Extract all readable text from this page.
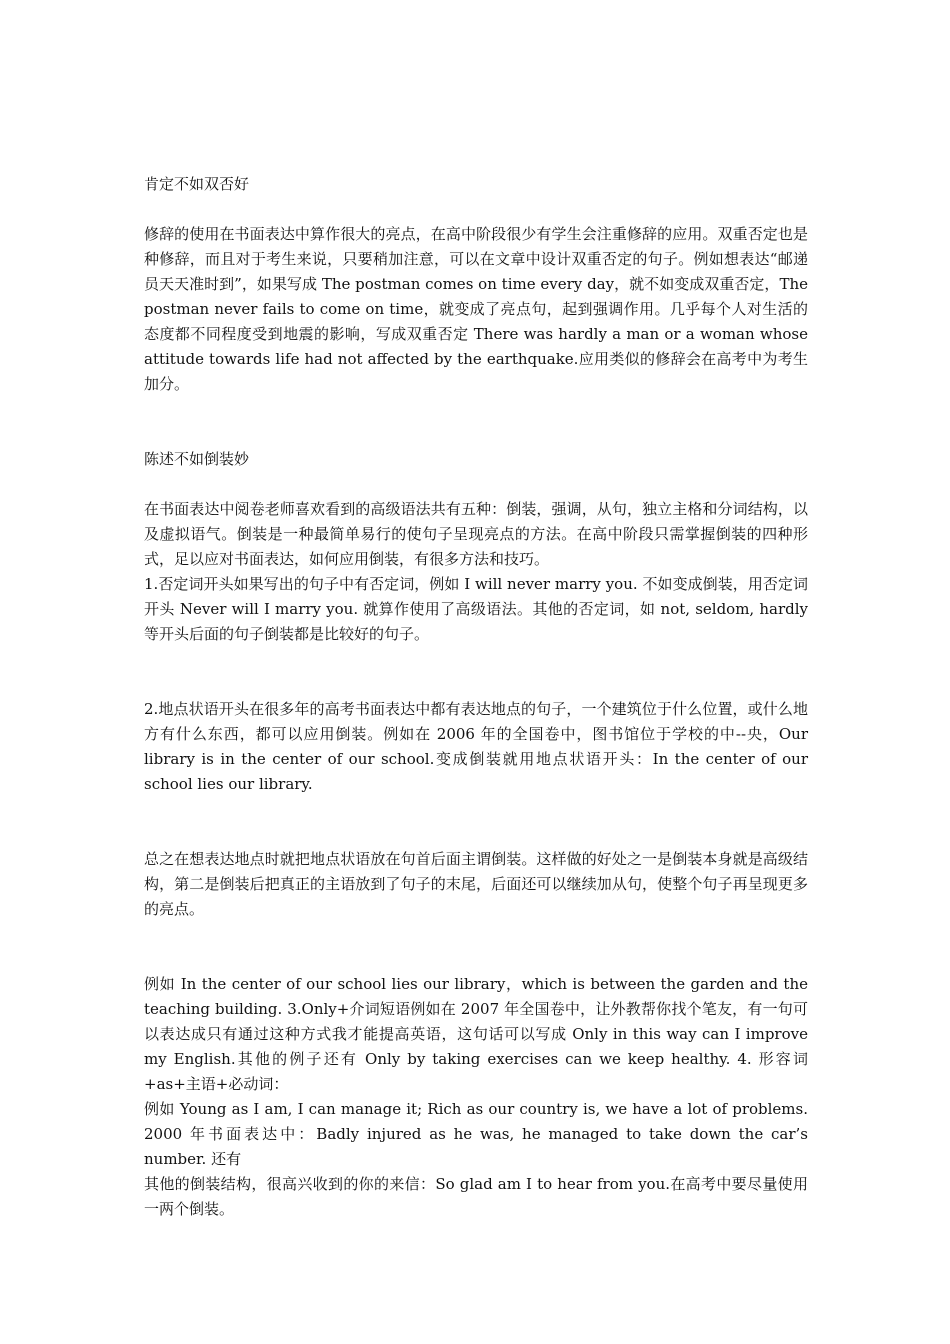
肯定不如双否好

修辞的使用在书面表达中算作很大的亮点，在高中阶段很少有学生会注重修辞的应用。双重否定也是种修辞，而且对于考生来说，只要稍加注意，可以在文章中设计双重否定的句子。例如想表达“邮递员天天准时到”，如果写成 The postman comes on time every day，就不如变成双重否定，The postman never fails to come on time，就变成了亮点句，起到强调作用。几乎每个人对生活的态度都不同程度受到地震的影响，写成双重否定 There was hardly a man or a woman whose attitude towards life had not affected by the earthquake.应用类似的修辞会在高考中为考生加分。

陈述不如倒装妙

在书面表达中阅卷老师喜欢看到的高级语法共有五种：倒装，强调，从句，独立主格和分词结构，以及虚拟语气。倒装是一种最简单易行的使句子呈现亮点的方法。在高中阶段只需掌握倒装的四种形式，足以应对书面表达，如何应用倒装，有很多方法和技巧。

1.否定词开头如果写出的句子中有否定词，例如 I will never marry you. 不如变成倒装，用否定词开头 Never will I marry you. 就算作使用了高级语法。其他的否定词，如 not, seldom, hardly 等开头后面的句子倒装都是比较好的句子。

2.地点状语开头在很多年的高考书面表达中都有表达地点的句子，一个建筑位于什么位置，或什么地方有什么东西，都可以应用倒装。例如在 2006 年的全国卷中，图书馆位于学校的中--央，Our library is in the center of our school.变成倒装就用地点状语开头：In the center of our school lies our library.

总之在想表达地点时就把地点状语放在句首后面主谓倒装。这样做的好处之一是倒装本身就是高级结构，第二是倒装后把真正的主语放到了句子的末尾，后面还可以继续加从句，使整个句子再呈现更多的亮点。

例如 In the center of our school lies our library，which is between the garden and the teaching building. 3.Only+介词短语例如在 2007 年全国卷中，让外教帮你找个笔友，有一句可以表达成只有通过这种方式我才能提高英语，这句话可以写成 Only in this way can I improve my English.其他的例子还有 Only by taking exercises can we keep healthy. 4. 形容词+as+主语+必动词：

例如 Young as I am, I can manage it; Rich as our country is, we have a lot of problems. 2000 年书面表达中：Badly injured as he was, he managed to take down the car’s number. 还有

其他的倒装结构，很高兴收到的你的来信：So glad am I to hear from you.在高考中要尽量使用一两个倒装。
